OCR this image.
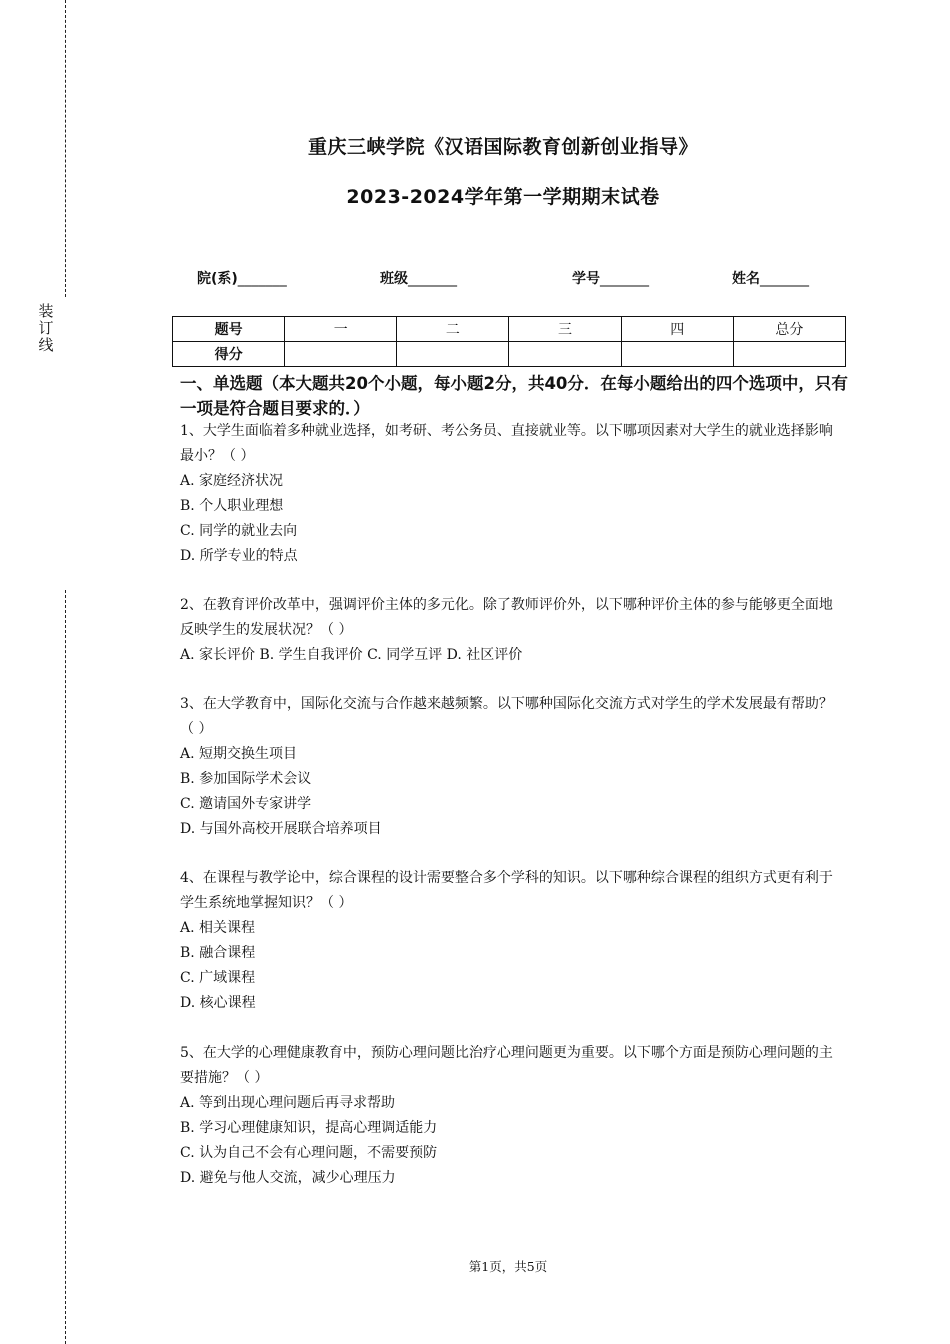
装
订
线
重庆三峡学院《汉语国际教育创新创业指导》
2023-2024学年第一学期期末试卷
院(系)_______	班级_______	学号_______	姓名_______
题号	一	二	三	四	总分
得分					
一、单选题（本大题共20个小题，每小题2分，共40分．在每小题给出的四个选项中，只有一项是符合题目要求的．）

1、大学生面临着多种就业选择，如考研、考公务员、直接就业等。以下哪项因素对大学生的就业选择影响最小？（ ）

A. 家庭经济状况

B. 个人职业理想

C. 同学的就业去向

D. 所学专业的特点

2、在教育评价改革中，强调评价主体的多元化。除了教师评价外，以下哪种评价主体的参与能够更全面地反映学生的发展状况？（ ）

A. 家长评价 B. 学生自我评价 C. 同学互评 D. 社区评价

3、在大学教育中，国际化交流与合作越来越频繁。以下哪种国际化交流方式对学生的学术发展最有帮助？（ ）

A. 短期交换生项目

B. 参加国际学术会议

C. 邀请国外专家讲学

D. 与国外高校开展联合培养项目

4、在课程与教学论中，综合课程的设计需要整合多个学科的知识。以下哪种综合课程的组织方式更有利于学生系统地掌握知识？（ ）

A. 相关课程

B. 融合课程

C. 广域课程

D. 核心课程

5、在大学的心理健康教育中，预防心理问题比治疗心理问题更为重要。以下哪个方面是预防心理问题的主要措施？（ ）

A. 等到出现心理问题后再寻求帮助

B. 学习心理健康知识，提高心理调适能力

C. 认为自己不会有心理问题，不需要预防

D. 避免与他人交流，减少心理压力

第1页，共5页
